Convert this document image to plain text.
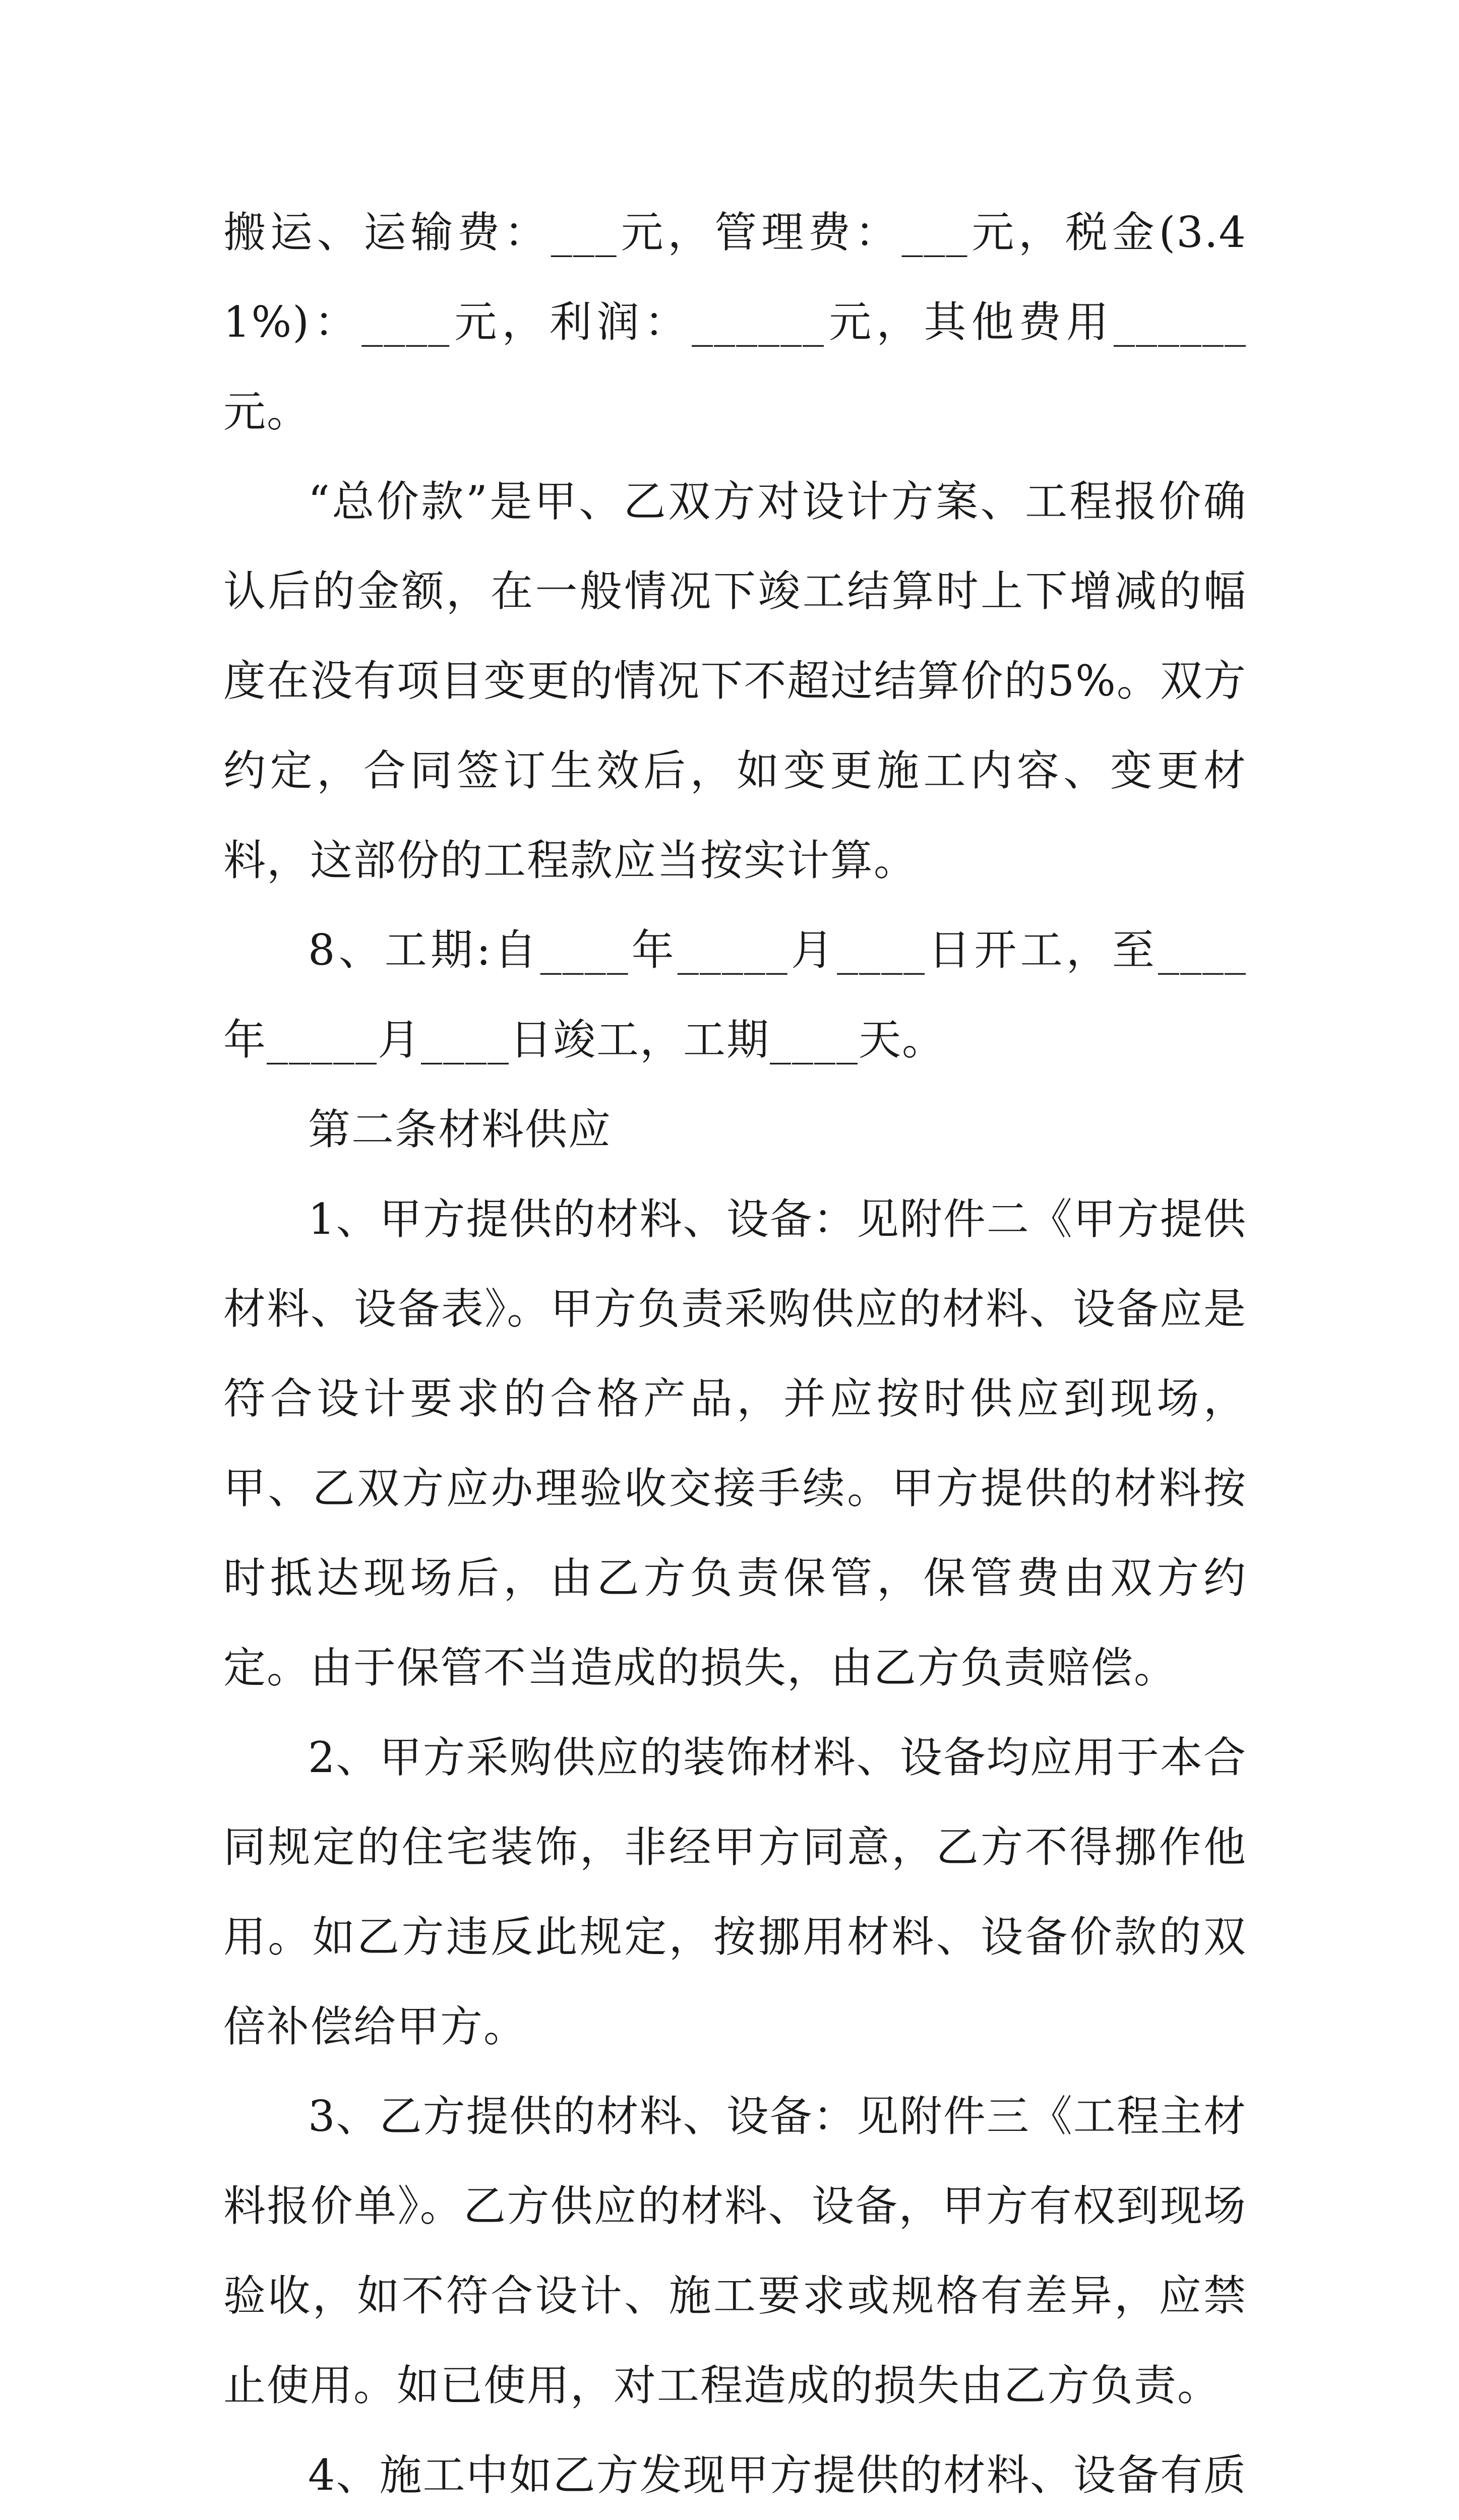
搬运、运输费：___元，管理费：___元，税金(3.41%)：____元，利润：______元，其他费用______元。

“总价款”是甲、乙双方对设计方案、工程报价确认后的金额，在一般情况下竣工结算时上下增减的幅度在没有项目变更的情况下不超过结算价的5%。双方约定，合同签订生效后，如变更施工内容、变更材料，这部份的工程款应当按实计算。

8、工期:自____年_____月____日开工，至____年_____月____日竣工，工期____天。

第二条材料供应

1、甲方提供的材料、设备：见附件二《甲方提供材料、设备表》。甲方负责采购供应的材料、设备应是符合设计要求的合格产品，并应按时供应到现场，甲、乙双方应办理验收交接手续。甲方提供的材料按时抵达现场后，由乙方负责保管，保管费由双方约定。由于保管不当造成的损失，由乙方负责赔偿。

2、甲方采购供应的装饰材料、设备均应用于本合同规定的住宅装饰，非经甲方同意，乙方不得挪作他用。如乙方违反此规定，按挪用材料、设备价款的双倍补偿给甲方。

3、乙方提供的材料、设备：见附件三《工程主材料报价单》。乙方供应的材料、设备，甲方有权到现场验收，如不符合设计、施工要求或规格有差异，应禁止使用。如已使用，对工程造成的损失由乙方负责。

4、施工中如乙方发现甲方提供的材料、设备有质
